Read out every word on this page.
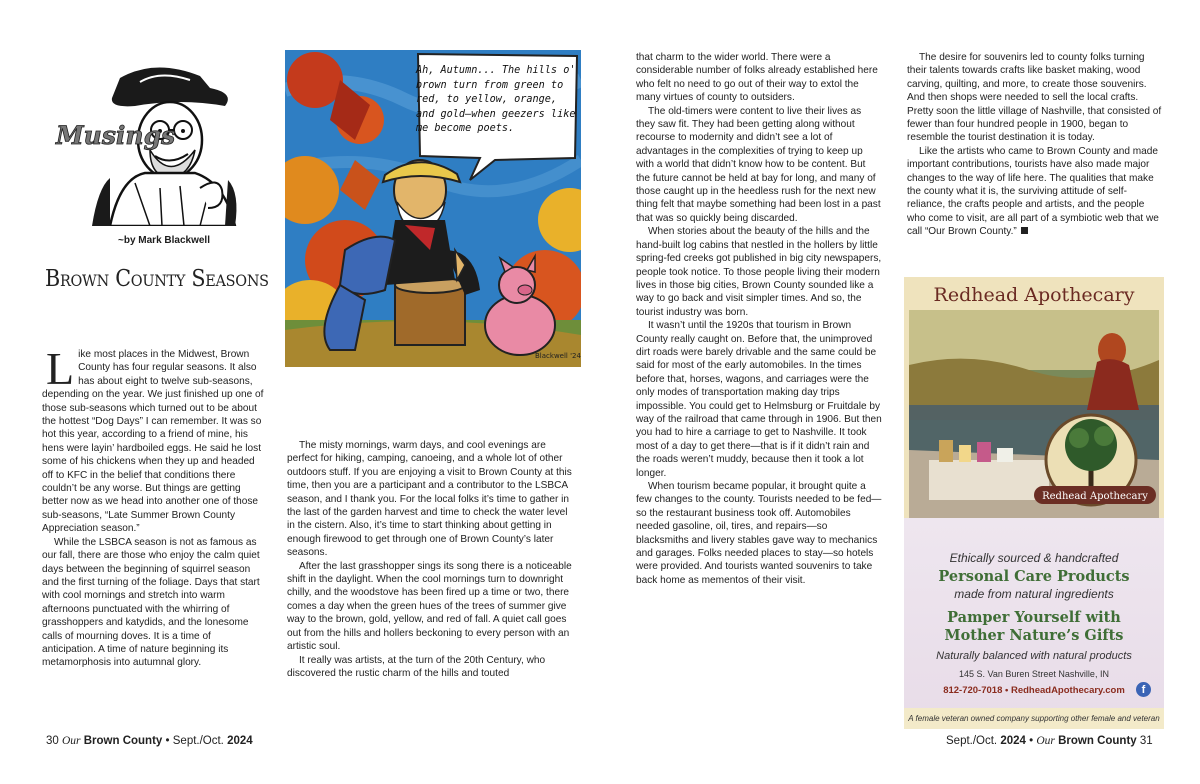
Musings
~by Mark Blackwell
Brown County Seasons

Like most places in the Midwest, Brown County has four regular seasons. It also has about eight to twelve sub-seasons, depending on the year. We just finished up one of those sub-seasons which turned out to be about the hottest “Dog Days” I can remember. It was so hot this year, according to a friend of mine, his hens were layin’ hardboiled eggs. He said he lost some of his chickens when they up and headed off to KFC in the belief that conditions there couldn’t be any worse. But things are getting better now as we head into another one of those sub-seasons, “Late Summer Brown County Appreciation season.”

While the LSBCA season is not as famous as our fall, there are those who enjoy the calm quiet days between the beginning of squirrel season and the first turning of the foliage. Days that start with cool mornings and stretch into warm afternoons punctuated with the whirring of grasshoppers and katydids, and the lonesome calls of mourning doves. It is a time of anticipation. A time of nature beginning its metamorphosis into autumnal glory.

Blackwell '24
Ah, Autumn... The hills o' brown turn from green to red, to yellow, orange, and gold—when geezers like me become poets.

The misty mornings, warm days, and cool evenings are perfect for hiking, camping, canoeing, and a whole lot of other outdoors stuff. If you are enjoying a visit to Brown County at this time, then you are a participant and a contributor to the LSBCA season, and I thank you. For the local folks it’s time to gather in the last of the garden harvest and time to check the water level in the cistern. Also, it’s time to start thinking about getting in enough firewood to get through one of Brown County’s later seasons.

After the last grasshopper sings its song there is a noticeable shift in the daylight. When the cool mornings turn to downright chilly, and the woodstove has been fired up a time or two, there comes a day when the green hues of the trees of summer give way to the brown, gold, yellow, and red of fall. A quiet call goes out from the hills and hollers beckoning to every person with an artistic soul.

It really was artists, at the turn of the 20th Century, who discovered the rustic charm of the hills and touted

30 Our Brown County • Sept./Oct. 2024

that charm to the wider world. There were a considerable number of folks already established here who felt no need to go out of their way to extol the many virtues of county to outsiders.

The old-timers were content to live their lives as they saw fit. They had been getting along without recourse to modernity and didn’t see a lot of advantages in the complexities of trying to keep up with a world that didn’t know how to be content. But the future cannot be held at bay for long, and many of those caught up in the heedless rush for the next new thing felt that maybe something had been lost in a past that was so quickly being discarded.

When stories about the beauty of the hills and the hand-built log cabins that nestled in the hollers by little spring-fed creeks got published in big city newspapers, people took notice. To those people living their modern lives in those big cities, Brown County sounded like a way to go back and visit simpler times. And so, the tourist industry was born.

It wasn’t until the 1920s that tourism in Brown County really caught on. Before that, the unimproved dirt roads were barely drivable and the same could be said for most of the early automobiles. In the times before that, horses, wagons, and carriages were the only modes of transportation making day trips impossible. You could get to Helmsburg or Fruitdale by way of the railroad that came through in 1906. But then you had to hire a carriage to get to Nashville. It took most of a day to get there—that is if it didn’t rain and the roads weren’t muddy, because then it took a lot longer.

When tourism became popular, it brought quite a few changes to the county. Tourists needed to be fed—so the restaurant business took off. Automobiles needed gasoline, oil, tires, and repairs—so blacksmiths and livery stables gave way to mechanics and garages. Folks needed places to stay—so hotels were provided. And tourists wanted souvenirs to take back home as mementos of their visit.

The desire for souvenirs led to county folks turning their talents towards crafts like basket making, wood carving, quilting, and more, to create those souvenirs. And then shops were needed to sell the local crafts. Pretty soon the little village of Nashville, that consisted of fewer than four hundred people in 1900, began to resemble the tourist destination it is today.

Like the artists who came to Brown County and made important contributions, tourists have also made major changes to the way of life here. The qualities that make the county what it is, the surviving attitude of self-reliance, the crafts people and artists, and the people who come to visit, are all part of a symbiotic web that we call “Our Brown County.”

Redhead Apothecary
Redhead Apothecary
Ethically sourced & handcrafted
Personal Care Products
made from natural ingredients
Pamper Yourself with
Mother Nature’s Gifts
Naturally balanced with natural products
145 S. Van Buren Street Nashville, IN
812-720-7018 • RedheadApothecary.com	f
A female veteran owned company supporting other female and veteran
Sept./Oct. 2024 • Our Brown County 31
